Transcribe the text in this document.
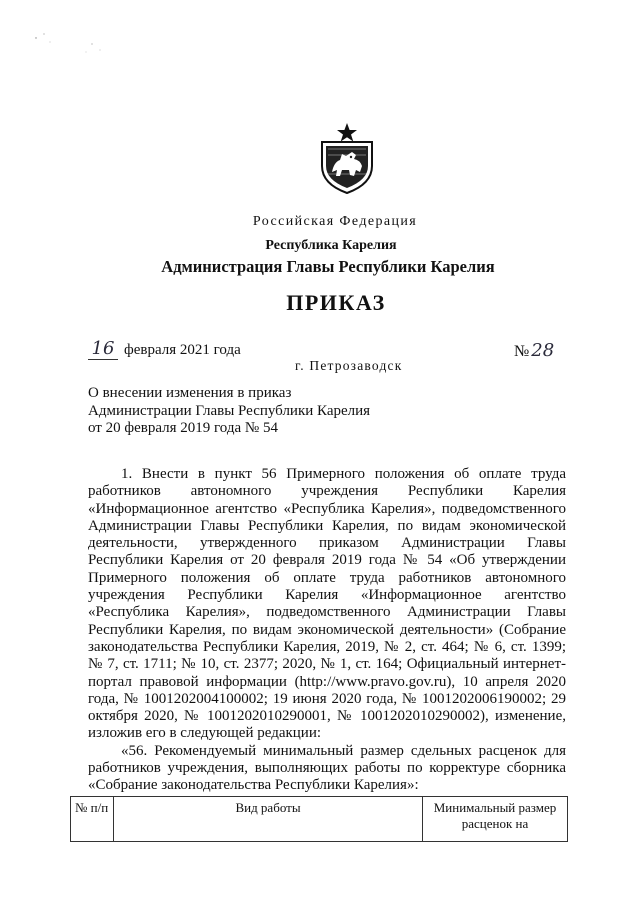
Российская Федерация
Республика Карелия
Администрация Главы Республики Карелия
ПРИКАЗ
16 февраля 2021 года
г. Петрозаводск
№ 28
О внесении изменения в приказ
Администрации Главы Республики Карелия
от 20 февраля 2019 года № 54

1. Внести в пункт 56 Примерного положения об оплате труда работников автономного учреждения Республики Карелия «Информационное агентство «Республика Карелия», подведомственного Администрации Главы Республики Карелия, по видам экономической деятельности, утвержденного приказом Администрации Главы Республики Карелия от 20 февраля 2019 года № 54 «Об утверждении Примерного положения об оплате труда работников автономного учреждения Республики Карелия «Информационное агентство «Республика Карелия», подведомственного Администрации Главы Республики Карелия, по видам экономической деятельности» (Собрание законодательства Республики Карелия, 2019, № 2, ст. 464; № 6, ст. 1399; № 7, ст. 1711; № 10, ст. 2377; 2020, № 1, ст. 164; Официальный интернет-портал правовой информации (http://www.pravo.gov.ru), 10 апреля 2020 года, № 1001202004100002; 19 июня 2020 года, № 1001202006190002; 29 октября 2020, № 1001202010290001, № 1001202010290002), изменение, изложив его в следующей редакции:

«56. Рекомендуемый минимальный размер сдельных расценок для работников учреждения, выполняющих работы по корректуре сборника «Собрание законодательства Республики Карелия»:

№ п/п	Вид работы	Минимальный размер расценок на
